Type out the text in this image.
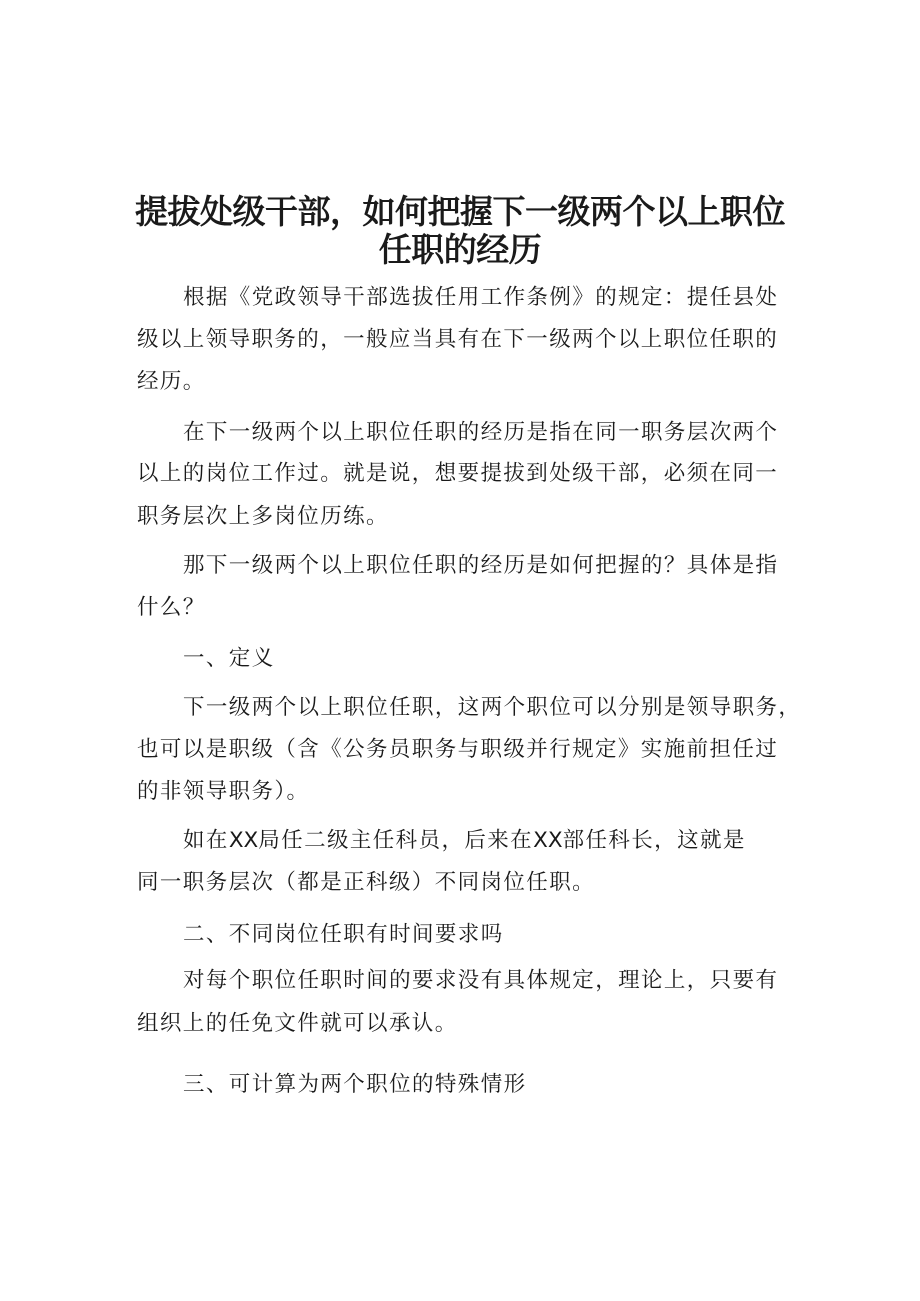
提拔处级干部，如何把握下一级两个以上职位
任职的经历
根据《党政领导干部选拔任用工作条例》的规定：提任县处
级以上领导职务的，一般应当具有在下一级两个以上职位任职的
经历。
在下一级两个以上职位任职的经历是指在同一职务层次两个
以上的岗位工作过。就是说，想要提拔到处级干部，必须在同一
职务层次上多岗位历练。
那下一级两个以上职位任职的经历是如何把握的？具体是指
什么？
一、定义
下一级两个以上职位任职，这两个职位可以分别是领导职务，
也可以是职级（含《公务员职务与职级并行规定》实施前担任过
的非领导职务）。
如在XX局任二级主任科员，后来在XX部任科长，这就是
同一职务层次（都是正科级）不同岗位任职。
二、不同岗位任职有时间要求吗
对每个职位任职时间的要求没有具体规定，理论上，只要有
组织上的任免文件就可以承认。
三、可计算为两个职位的特殊情形
